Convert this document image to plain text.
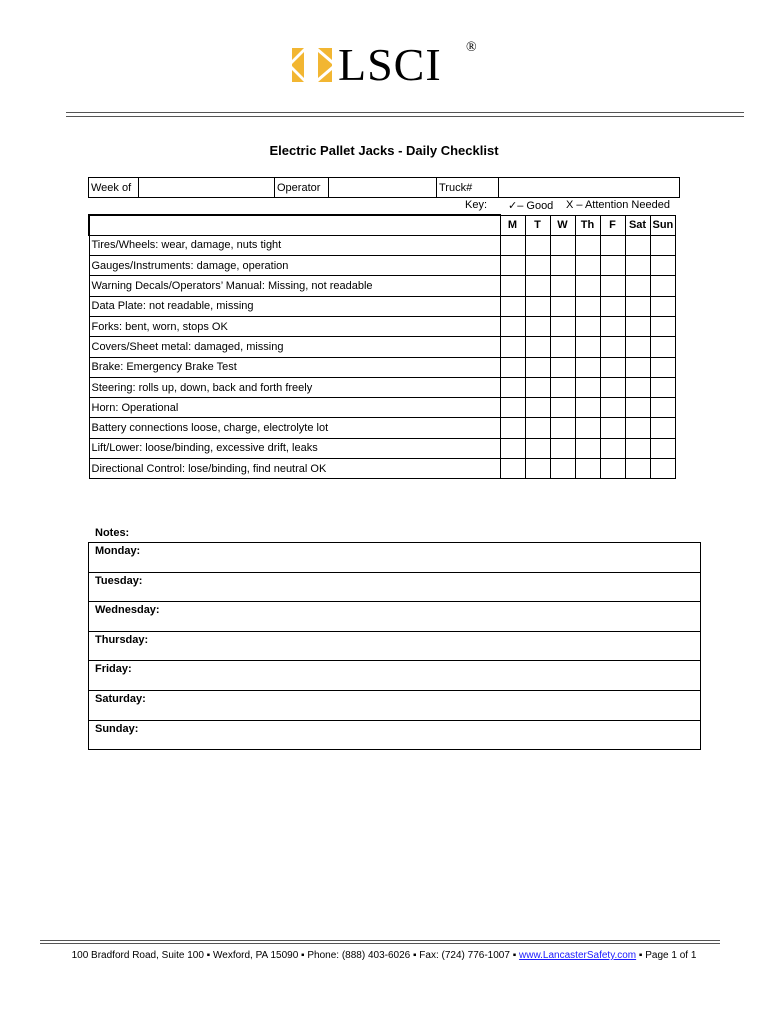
LSCI ®
Electric Pallet Jacks - Daily Checklist
Week of		Operator		Truck#	
Key: ✓– Good X – Attention Needed
	M	T	W	Th	F	Sat	Sun
Tires/Wheels: wear, damage, nuts tight							
Gauges/Instruments: damage, operation							
Warning Decals/Operators’ Manual: Missing, not readable							
Data Plate: not readable, missing							
Forks: bent, worn, stops OK							
Covers/Sheet metal: damaged, missing							
Brake: Emergency Brake Test							
Steering: rolls up, down, back and forth freely							
Horn: Operational							
Battery connections loose, charge, electrolyte lot							
Lift/Lower: loose/binding, excessive drift, leaks							
Directional Control: lose/binding, find neutral OK							
Notes:
Monday:
Tuesday:
Wednesday:
Thursday:
Friday:
Saturday:
Sunday:
100 Bradford Road, Suite 100 ▪ Wexford, PA 15090 ▪ Phone: (888) 403-6026 ▪ Fax: (724) 776-1007 ▪ www.LancasterSafety.com ▪ Page 1 of 1
